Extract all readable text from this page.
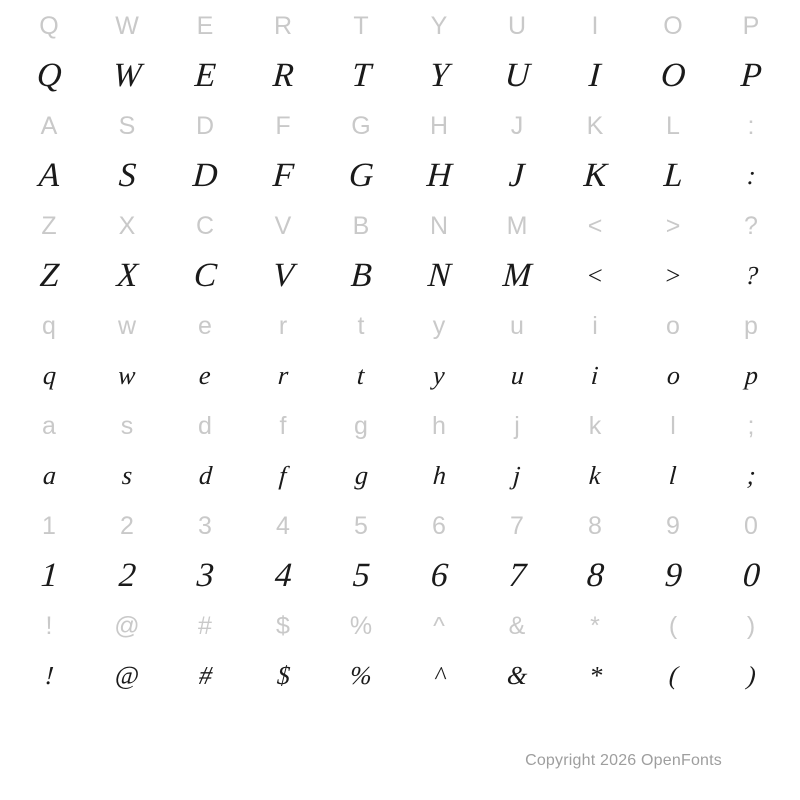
Q W E R T Y U	I	O P
Q W E R T Y U I O P
A S D F G H	J	K	L	:
A S D F G H J K L :
Z X C V B N M <	>	?
Z X C V B N M < > ?
q w e	r	t	y	u	i	o	p
q w e	r	t	y u	i	o p
a	s	d	f	g	h	j	k	l	;
a s d	f	g h	j	k	l	;
1	2	3	4	5	6	7	8	9	0
1 2 3 4 5 6 7 8 9 0
! @ #	$ % ^	&	*	(	)
! @ # $ % ^ & *	(	)
Copyright 2026 OpenFonts
